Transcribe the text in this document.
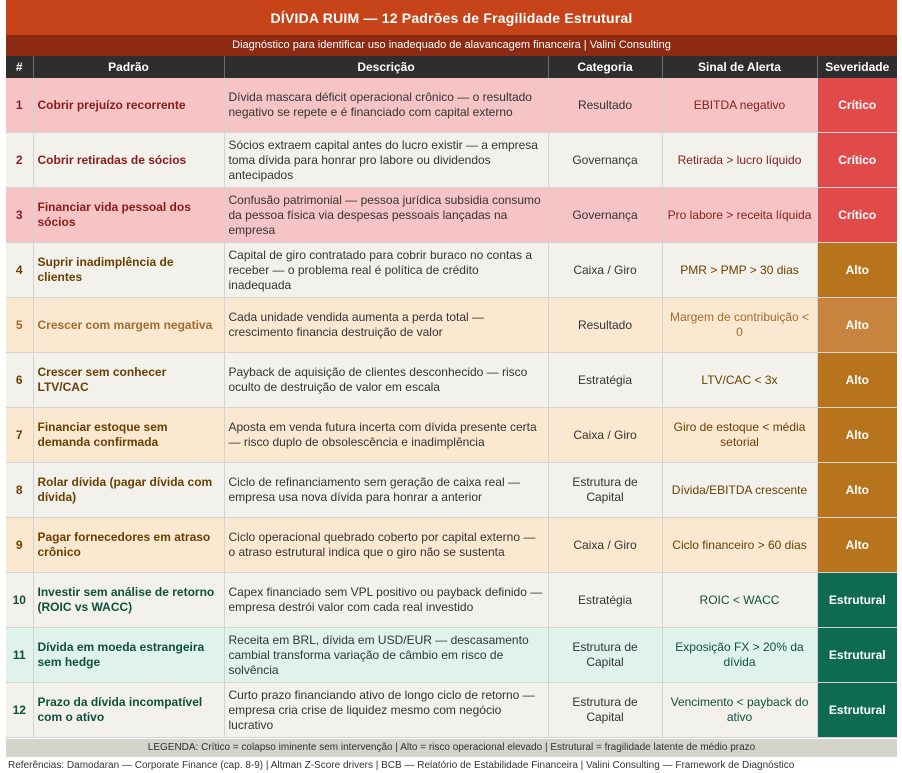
DÍVIDA RUIM — 12 Padrões de Fragilidade Estrutural
Diagnóstico para identificar uso inadequado de alavancagem financeira | Valini Consulting
#	Padrão	Descrição	Categoria	Sinal de Alerta	Severidade
1	Cobrir prejuízo recorrente	Dívida mascara déficit operacional crônico — o resultado negativo se repete e é financiado com capital externo	Resultado	EBITDA negativo	Crítico
2	Cobrir retiradas de sócios	Sócios extraem capital antes do lucro existir — a empresa toma dívida para honrar pro labore ou dividendos antecipados	Governança	Retirada > lucro líquido	Crítico
3	Financiar vida pessoal dos sócios	Confusão patrimonial — pessoa jurídica subsidia consumo da pessoa física via despesas pessoais lançadas na empresa	Governança	Pro labore > receita líquida	Crítico
4	Suprir inadimplência de clientes	Capital de giro contratado para cobrir buraco no contas a receber — o problema real é política de crédito inadequada	Caixa / Giro	PMR > PMP > 30 dias	Alto
5	Crescer com margem negativa	Cada unidade vendida aumenta a perda total — crescimento financia destruição de valor	Resultado	Margem de contribuição < 0	Alto
6	Crescer sem conhecer LTV/CAC	Payback de aquisição de clientes desconhecido — risco oculto de destruição de valor em escala	Estratégia	LTV/CAC < 3x	Alto
7	Financiar estoque sem demanda confirmada	Aposta em venda futura incerta com dívida presente certa — risco duplo de obsolescência e inadimplência	Caixa / Giro	Giro de estoque < média setorial	Alto
8	Rolar dívida (pagar dívida com dívida)	Ciclo de refinanciamento sem geração de caixa real — empresa usa nova dívida para honrar a anterior	Estrutura de Capital	Dívida/EBITDA crescente	Alto
9	Pagar fornecedores em atraso crônico	Ciclo operacional quebrado coberto por capital externo — o atraso estrutural indica que o giro não se sustenta	Caixa / Giro	Ciclo financeiro > 60 dias	Alto
10	Investir sem análise de retorno (ROIC vs WACC)	Capex financiado sem VPL positivo ou payback definido — empresa destrói valor com cada real investido	Estratégia	ROIC < WACC	Estrutural
11	Dívida em moeda estrangeira sem hedge	Receita em BRL, dívida em USD/EUR — descasamento cambial transforma variação de câmbio em risco de solvência	Estrutura de Capital	Exposição FX > 20% da dívida	Estrutural
12	Prazo da dívida incompatível com o ativo	Curto prazo financiando ativo de longo ciclo de retorno — empresa cria crise de liquidez mesmo com negócio lucrativo	Estrutura de Capital	Vencimento < payback do ativo	Estrutural
LEGENDA: Crítico = colapso iminente sem intervenção | Alto = risco operacional elevado | Estrutural = fragilidade latente de médio prazo
Referências: Damodaran — Corporate Finance (cap. 8-9) | Altman Z-Score drivers | BCB — Relatório de Estabilidade Financeira | Valini Consulting — Framework de Diagnóstico
